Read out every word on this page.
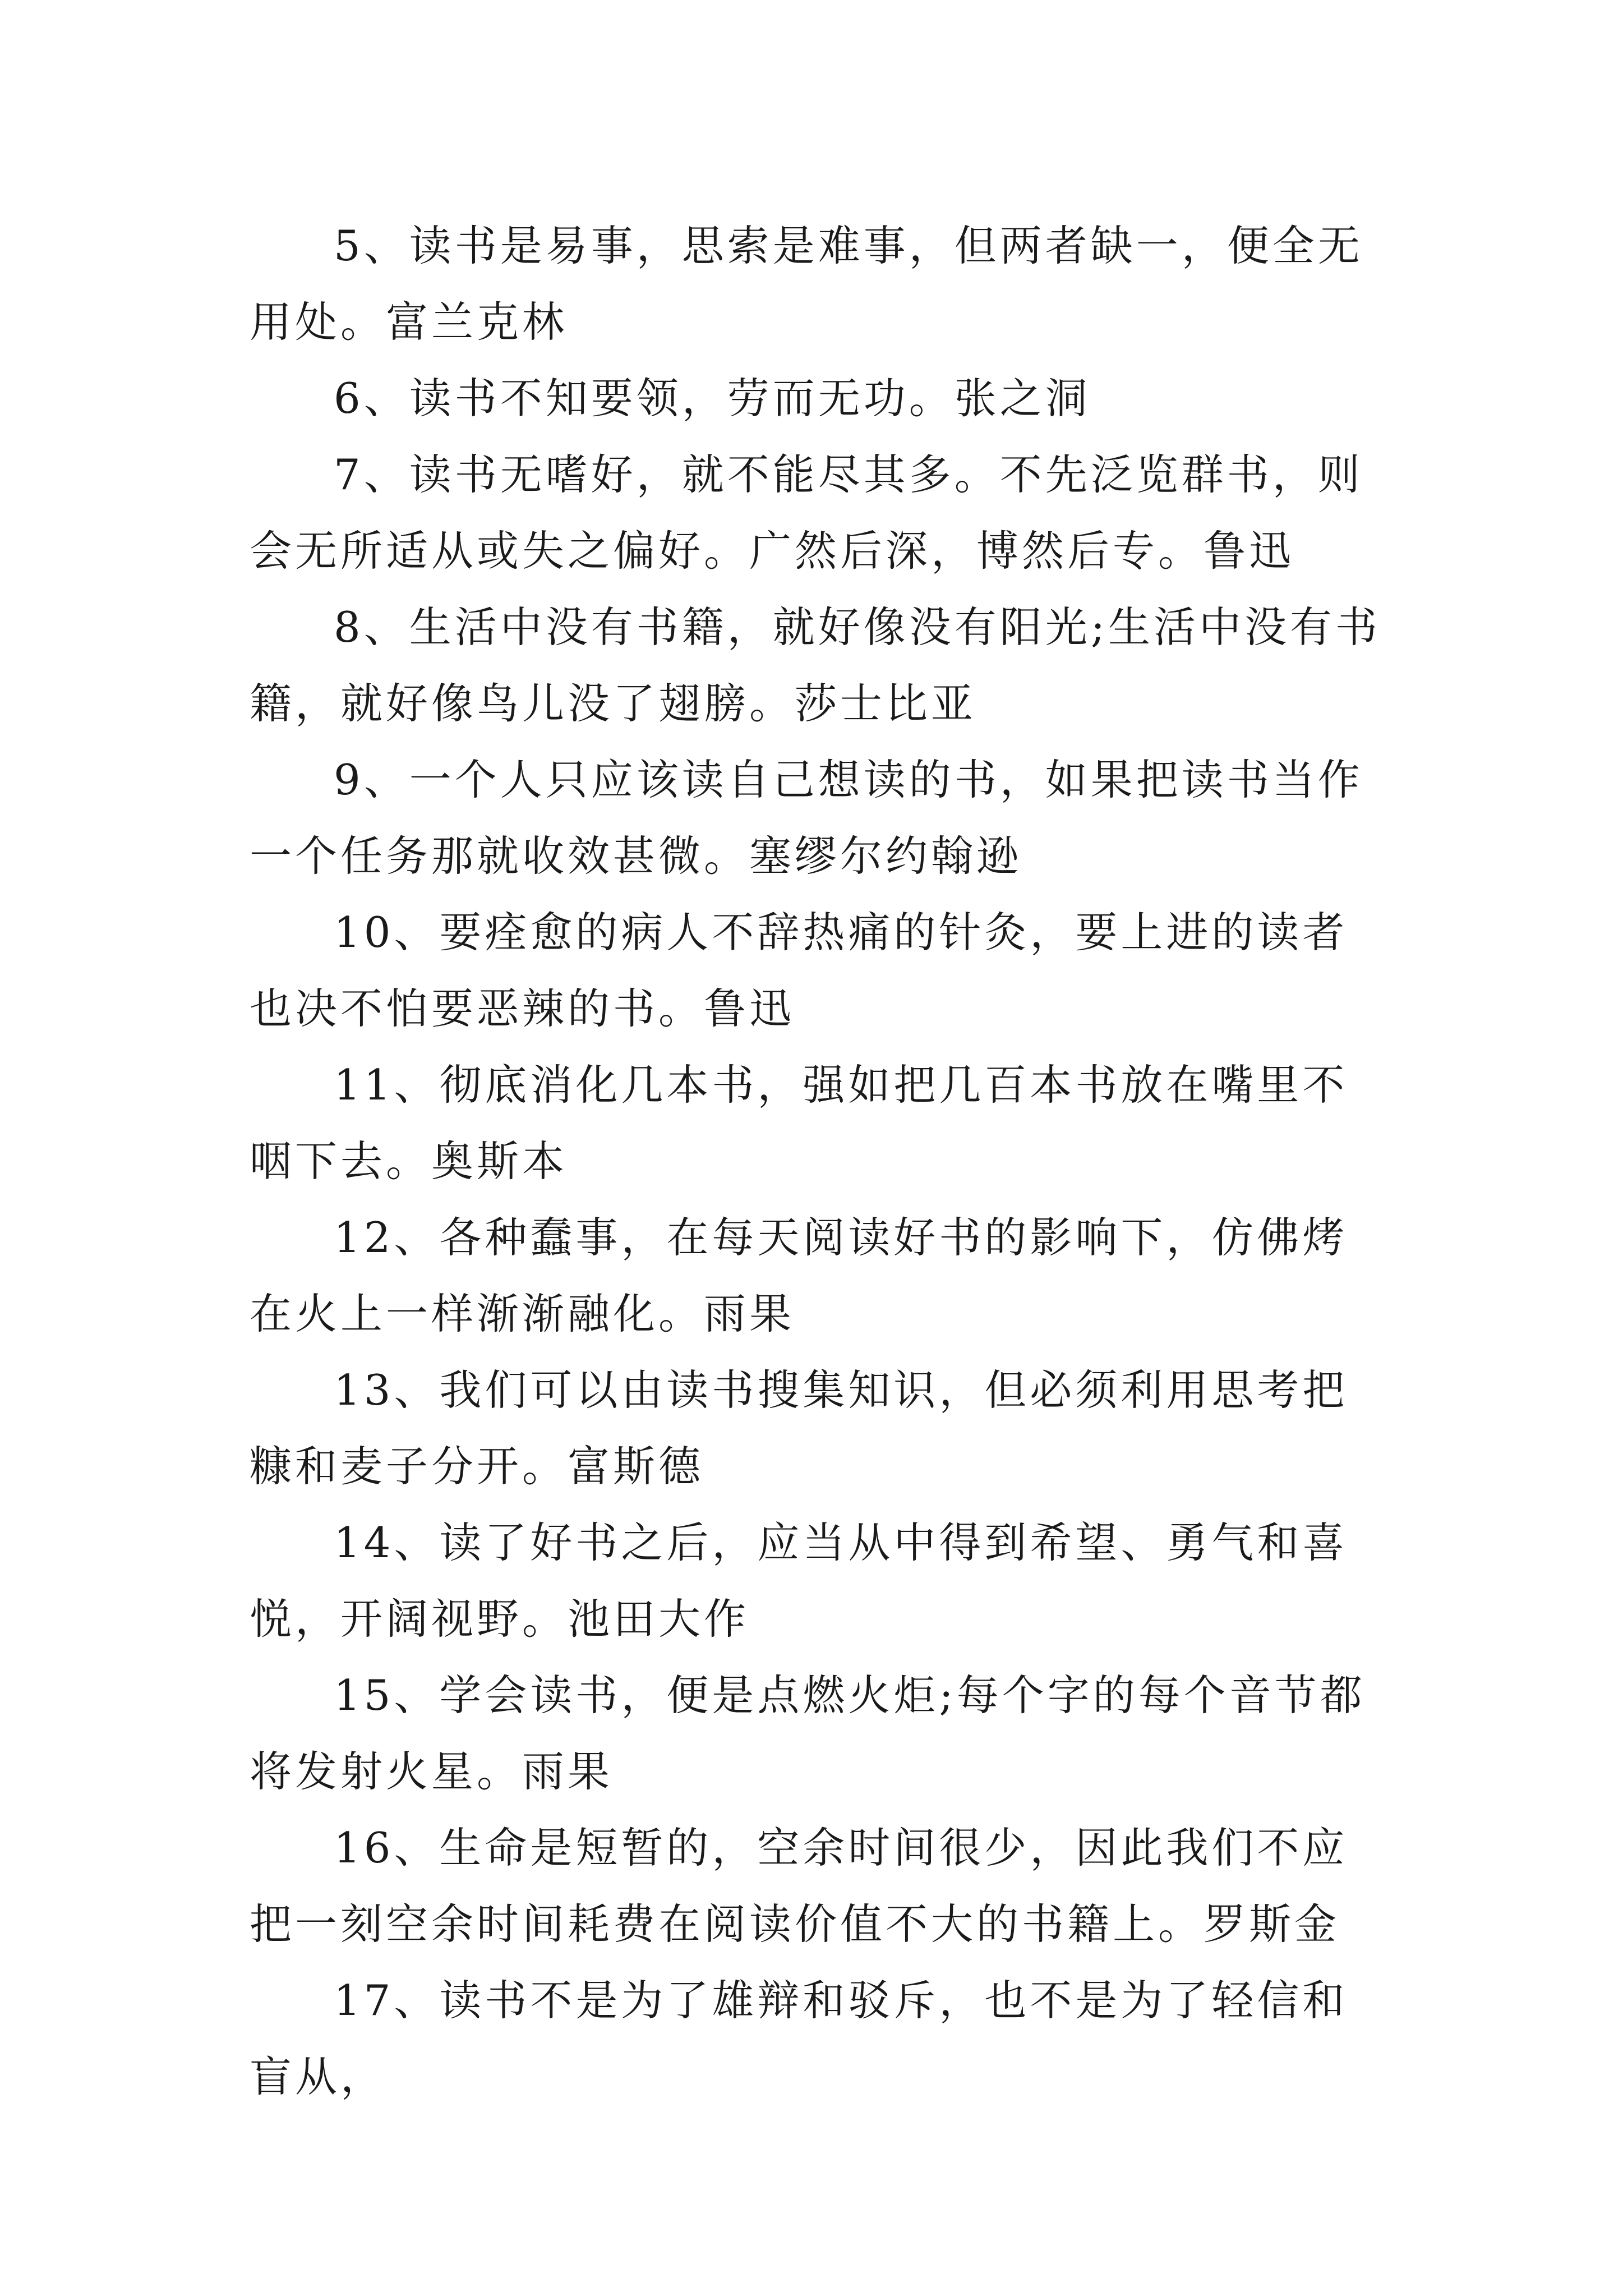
5、读书是易事，思索是难事，但两者缺一，便全无用处。富兰克林

6、读书不知要领，劳而无功。张之洞

7、读书无嗜好，就不能尽其多。不先泛览群书，则会无所适从或失之偏好。广然后深，博然后专。鲁迅

8、生活中没有书籍，就好像没有阳光;生活中没有书籍，就好像鸟儿没了翅膀。莎士比亚

9、一个人只应该读自己想读的书，如果把读书当作一个任务那就收效甚微。塞缪尔约翰逊

10、要痊愈的病人不辞热痛的针灸，要上进的读者也决不怕要恶辣的书。鲁迅

11、彻底消化几本书，强如把几百本书放在嘴里不咽下去。奥斯本

12、各种蠢事，在每天阅读好书的影响下，仿佛烤在火上一样渐渐融化。雨果

13、我们可以由读书搜集知识，但必须利用思考把糠和麦子分开。富斯德

14、读了好书之后，应当从中得到希望、勇气和喜悦，开阔视野。池田大作

15、学会读书，便是点燃火炬;每个字的每个音节都将发射火星。雨果

16、生命是短暂的，空余时间很少，因此我们不应把一刻空余时间耗费在阅读价值不大的书籍上。罗斯金

17、读书不是为了雄辩和驳斥，也不是为了轻信和盲从，
